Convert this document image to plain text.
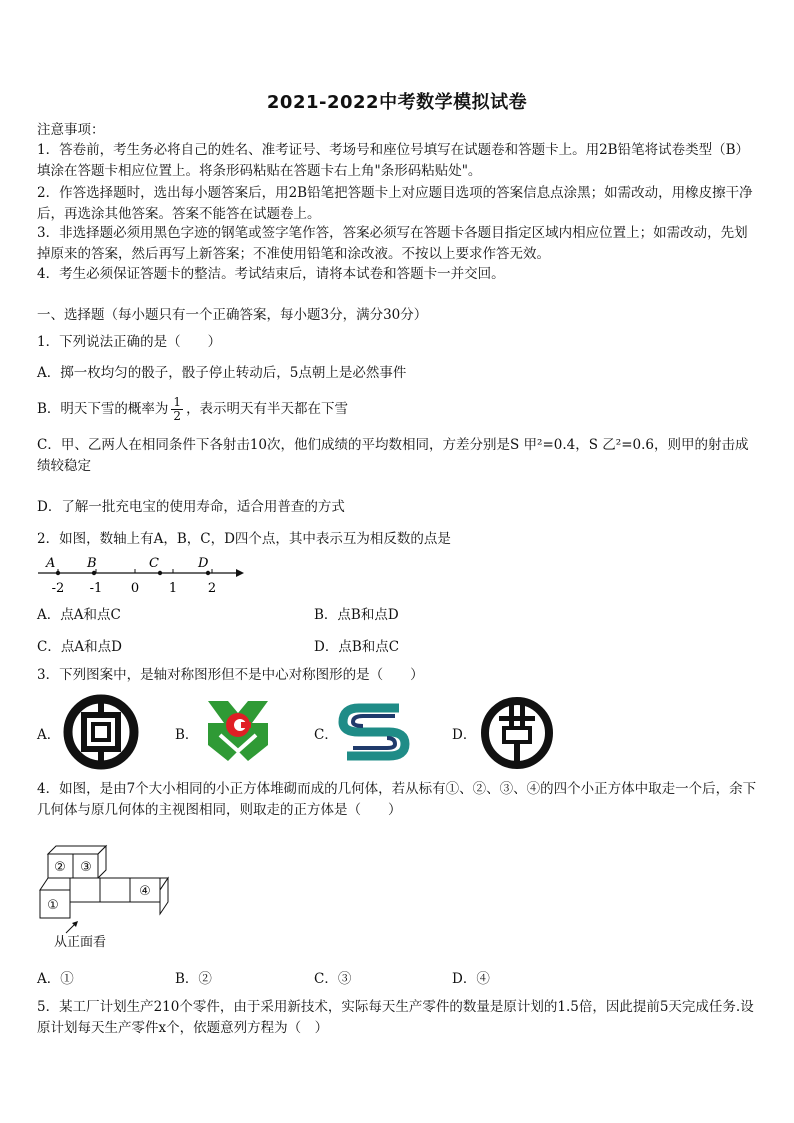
2021-2022中考数学模拟试卷
注意事项：
1．答卷前，考生务必将自己的姓名、准考证号、考场号和座位号填写在试题卷和答题卡上。用2B铅笔将试卷类型（B）填涂在答题卡相应位置上。将条形码粘贴在答题卡右上角"条形码粘贴处"。
2．作答选择题时，选出每小题答案后，用2B铅笔把答题卡上对应题目选项的答案信息点涂黑；如需改动，用橡皮擦干净后，再选涂其他答案。答案不能答在试题卷上。
3．非选择题必须用黑色字迹的钢笔或签字笔作答，答案必须写在答题卡各题目指定区域内相应位置上；如需改动，先划掉原来的答案，然后再写上新答案；不准使用铅笔和涂改液。不按以上要求作答无效。
4．考生必须保证答题卡的整洁。考试结束后，请将本试卷和答题卡一并交回。
一、选择题（每小题只有一个正确答案，每小题3分，满分30分）
1．下列说法正确的是（　　）
A．掷一枚均匀的骰子，骰子停止转动后，5点朝上是必然事件
B．明天下雪的概率为 $\frac{1}{2}$ ，表示明天有半天都在下雪
C．甲、乙两人在相同条件下各射击10次，他们成绩的平均数相同，方差分别是S 甲²=0.4，S 乙²=0.6，则甲的射击成绩较稳定
D．了解一批充电宝的使用寿命，适合用普查的方式
2．如图，数轴上有A，B，C，D四个点，其中表示互为相反数的点是
A B	C	D
-2 -1 0 1 2
A．点A和点C	B．点B和点D
C．点A和点D	D．点B和点C
3．下列图案中，是轴对称图形但不是中心对称图形的是（　　）
A．	B．	C．	D．
4．如图，是由7个大小相同的小正方体堆砌而成的几何体，若从标有①、②、③、④的四个小正方体中取走一个后，余下几何体与原几何体的主视图相同，则取走的正方体是（　　）
② ③
①
④
从正面看
A．①	B．②	C．③	D．④
5．某工厂计划生产210个零件，由于采用新技术，实际每天生产零件的数量是原计划的1.5倍，因此提前5天完成任务.设原计划每天生产零件x个，依题意列方程为（　）
